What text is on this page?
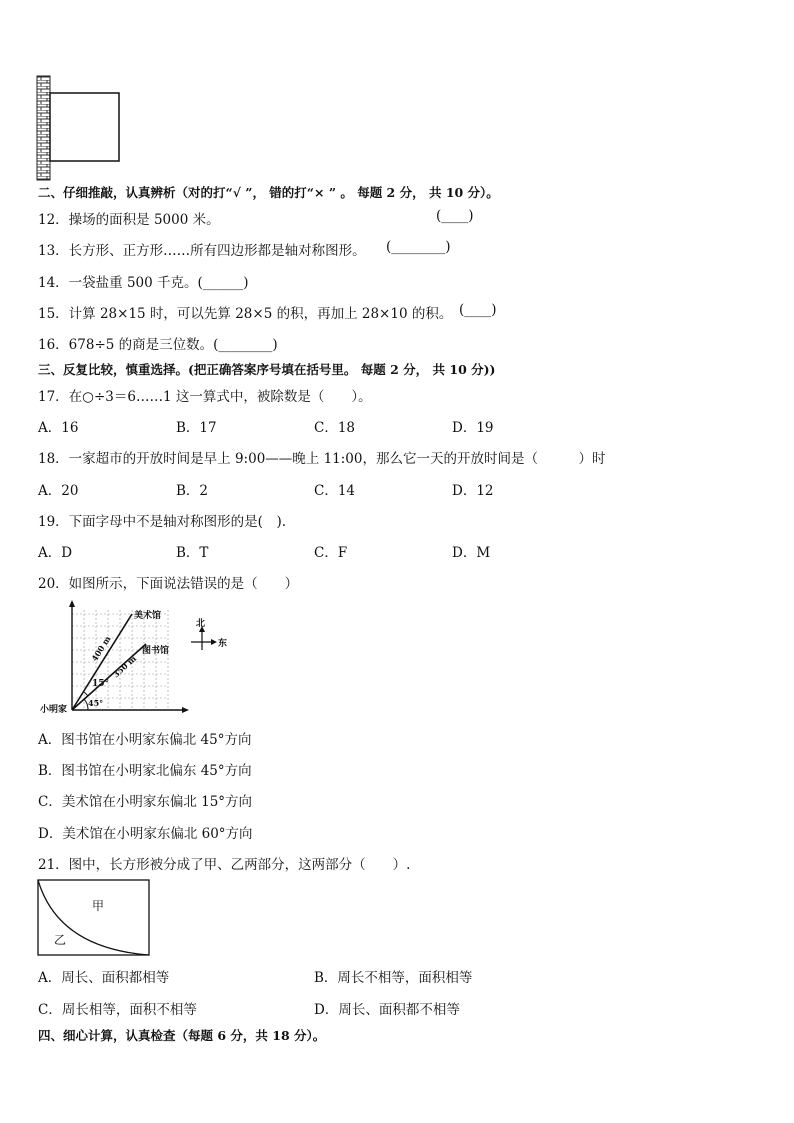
二、仔细推敲，认真辨析（对的打“√ ”， 错的打“× ” 。 每题 2 分， 共 10 分）。
12．操场的面积是 5000 米。	(____)
13．长方形、正方形……所有四边形都是轴对称图形。 (________)
14．一袋盐重 500 千克。(______)
15．计算 28×15 时，可以先算 28×5 的积，再加上 28×10 的积。 (____)
16．678÷5 的商是三位数。(________)
三、反复比较，慎重选择。(把正确答案序号填在括号里。 每题 2 分， 共 10 分))
17．在○÷3＝6……1 这一算式中，被除数是（　　）。
A．16	B．17	C．18	D．19
18．一家超市的开放时间是早上 9:00——晚上 11:00，那么它一天的开放时间是（　　　）时
A．20	B．2	C．14	D．12
19．下面字母中不是轴对称图形的是(　).
A．D	B．T	C．F	D．M
20．如图所示，下面说法错误的是（　　）
美术馆
图书馆
400 m
350 m
15°
45°
小明家
北
东
A．图书馆在小明家东偏北 45°方向
B．图书馆在小明家北偏东 45°方向
C．美术馆在小明家东偏北 15°方向
D．美术馆在小明家东偏北 60°方向
21．图中，长方形被分成了甲、乙两部分，这两部分（　　）.
甲
乙
A．周长、面积都相等	B．周长不相等，面积相等
C．周长相等，面积不相等	D．周长、面积都不相等
四、细心计算，认真检查（每题 6 分，共 18 分）。
